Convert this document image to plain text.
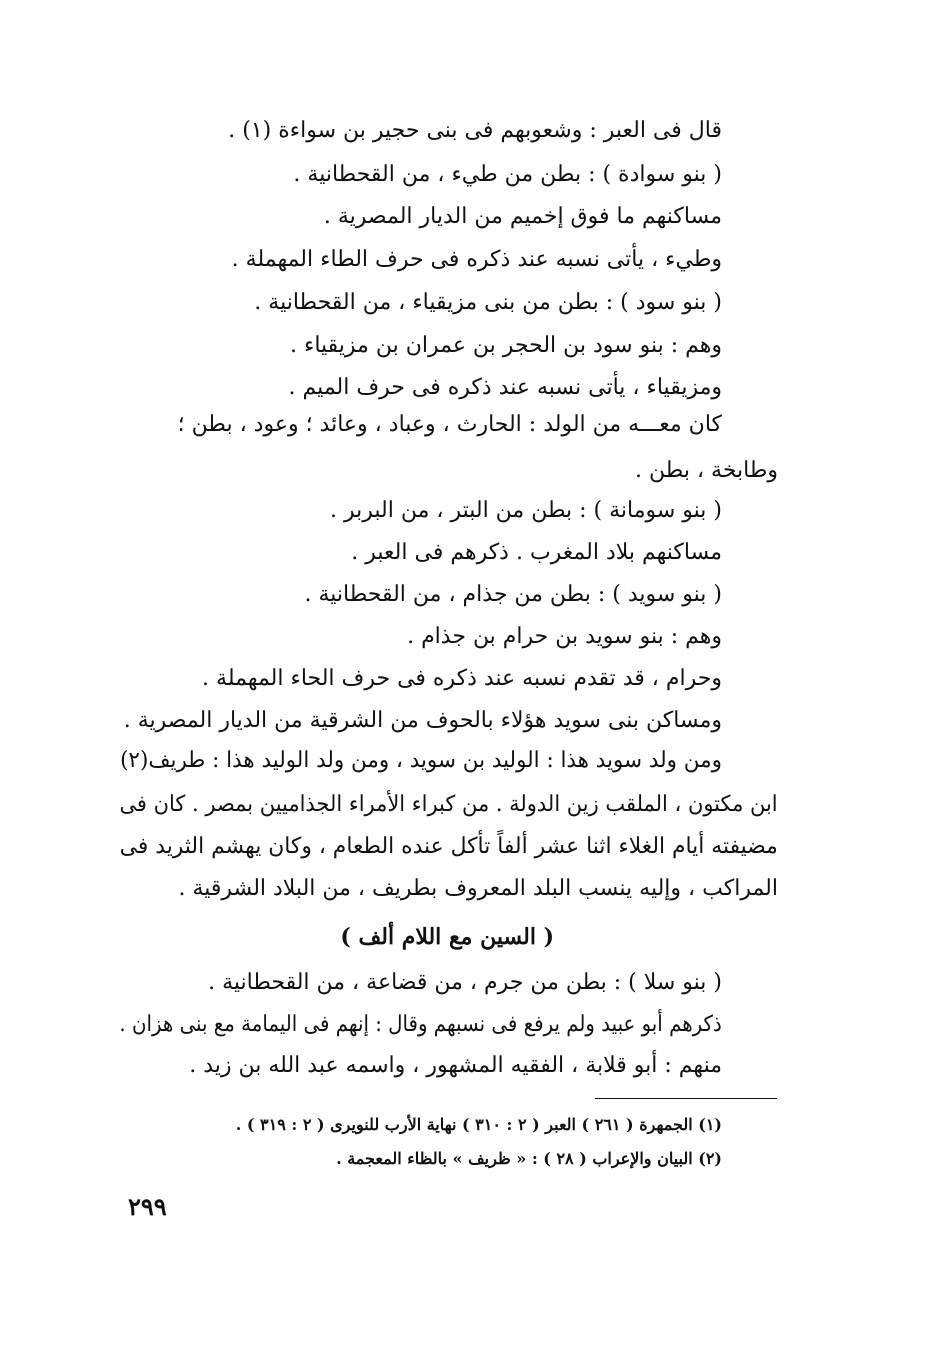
قال فى العبر : وشعوبهم فى بنى حجير بن سواءة (١) .
( بنو سوادة ) : بطن من طيء ، من القحطانية .
مساكنهم ما فوق إخميم من الديار المصرية .
وطيء ، يأتى نسبه عند ذكره فى حرف الطاء المهملة .
( بنو سود ) : بطن من بنى مزيقياء ، من القحطانية .
وهم : بنو سود بن الحجر بن عمران بن مزيقياء .
ومزيقياء ، يأتى نسبه عند ذكره فى حرف الميم .
كان معـــه من الولد : الحارث ، وعباد ، وعائد ؛ وعود ، بطن ؛
وطابخة ، بطن .
( بنو سومانة ) : بطن من البتر ، من البربر .
مساكنهم بلاد المغرب . ذكرهم فى العبر .
( بنو سويد ) : بطن من جذام ، من القحطانية .
وهم : بنو سويد بن حرام بن جذام .
وحرام ، قد تقدم نسبه عند ذكره فى حرف الحاء المهملة .
ومساكن بنى سويد هؤلاء بالحوف من الشرقية من الديار المصرية .
ومن ولد سويد هذا : الوليد بن سويد ، ومن ولد الوليد هذا : طريف(٢)
ابن مكتون ، الملقب زين الدولة . من كبراء الأمراء الجذاميين بمصر . كان فى
مضيفته أيام الغلاء اثنا عشر ألفاً تأكل عنده الطعام ، وكان يهشم الثريد فى
المراكب ، وإليه ينسب البلد المعروف بطريف ، من البلاد الشرقية .
( السين مع اللام ألف )
( بنو سلا ) : بطن من جرم ، من قضاعة ، من القحطانية .
ذكرهم أبو عبيد ولم يرفع فى نسبهم وقال : إنهم فى اليمامة مع بنى هزان .
منهم : أبو قلابة ، الفقيه المشهور ، واسمه عبد الله بن زيد .
(١) الجمهرة ( ٢٦١ ) العبر ( ٢ : ٣١٠ ) نهاية الأرب للنويرى ( ٢ : ٣١٩ ) .
(٢) البيان والإعراب ( ٢٨ ) : « ظريف » بالظاء المعجمة .
٢٩٩
